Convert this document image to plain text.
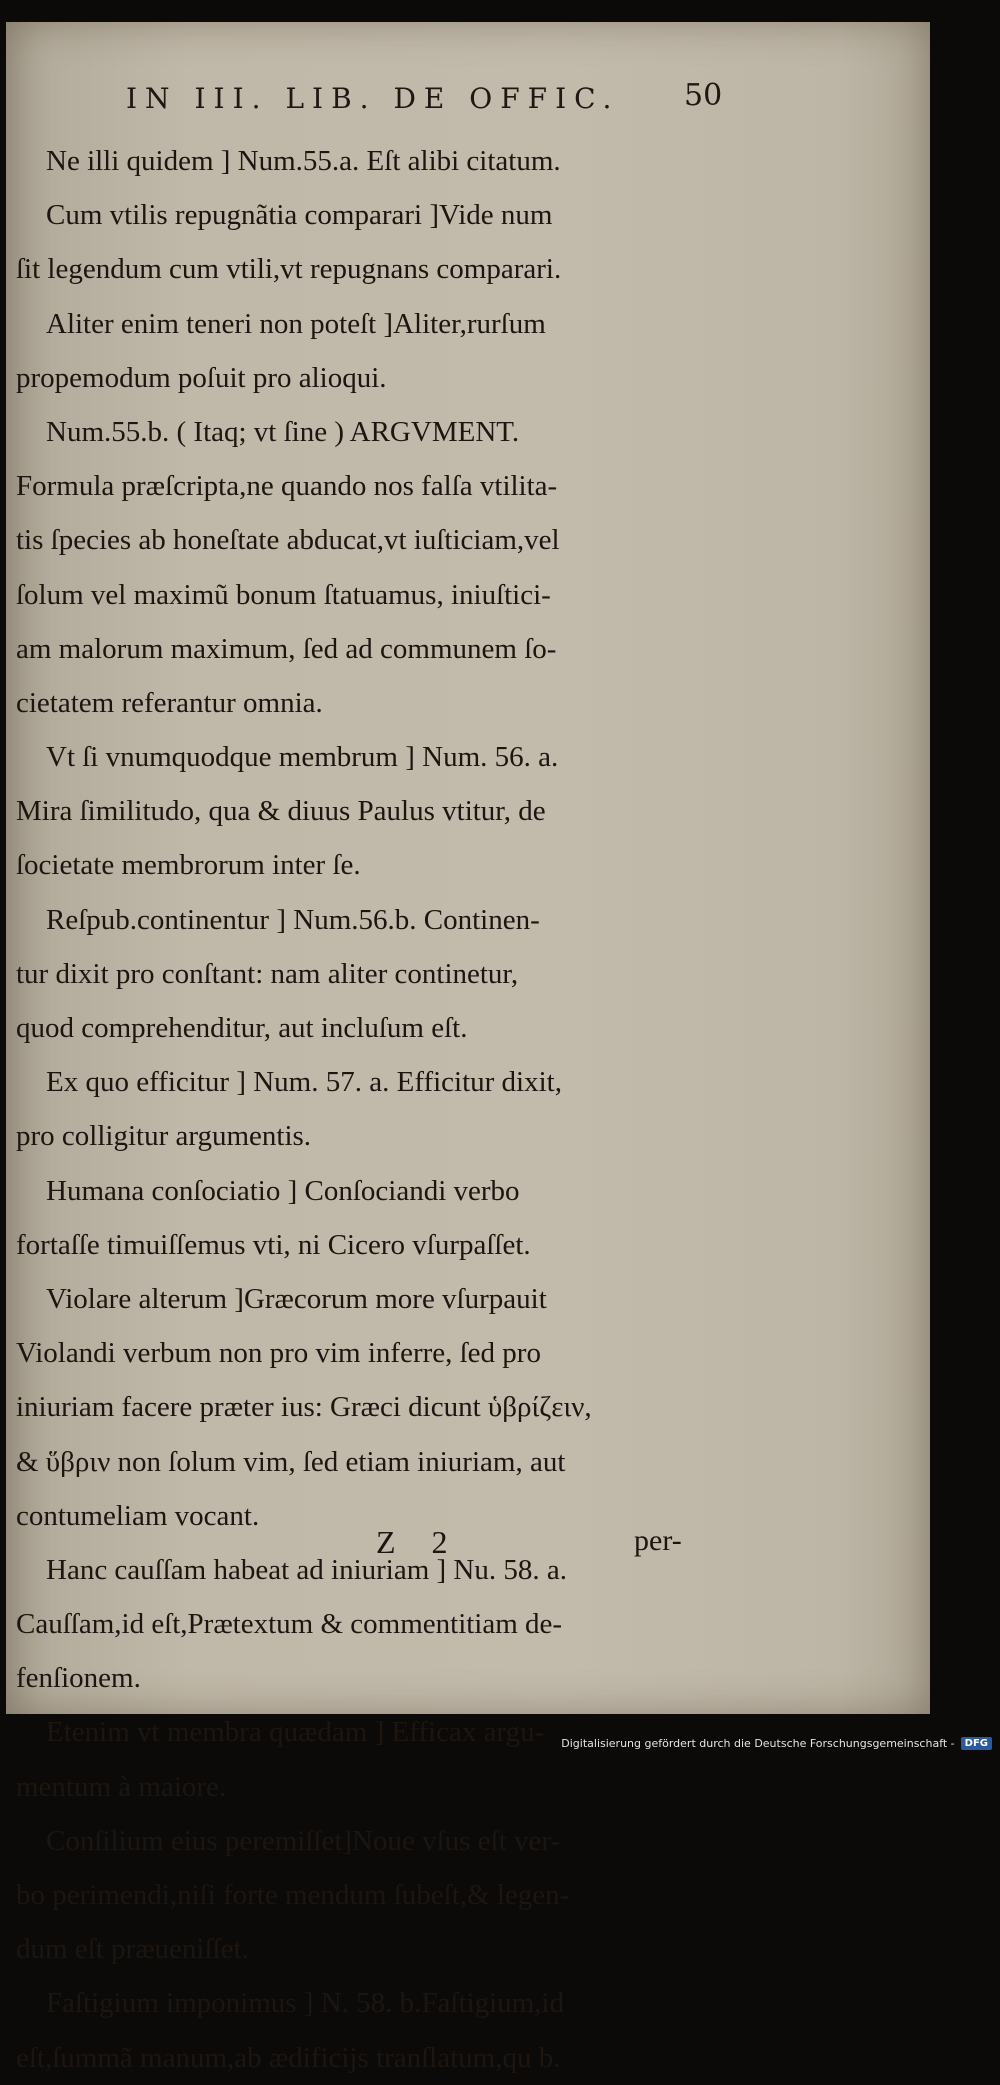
IN III. LIB. DE OFFIC.	50
Ne illi quidem ] Num.55.a. Eſt alibi citatum.
Cum vtilis repugnãtia comparari ]Vide num
ſit legendum cum vtili,vt repugnans comparari.
Aliter enim teneri non poteſt ]Aliter,rurſum
propemodum poſuit pro alioqui.
Num.55.b. ( Itaq; vt ſine ) ARGVMENT.
Formula præſcripta,ne quando nos falſa vtilita-
tis ſpecies ab honeſtate abducat,vt iuſticiam,vel
ſolum vel maximũ bonum ſtatuamus, iniuſtici-
am malorum maximum, ſed ad communem ſo-
cietatem referantur omnia.
Vt ſi vnumquodque membrum ] Num. 56. a.
Mira ſimilitudo, qua & diuus Paulus vtitur, de
ſocietate membrorum inter ſe.
Reſpub.continentur ] Num.56.b. Continen-
tur dixit pro conſtant: nam aliter continetur,
quod comprehenditur, aut incluſum eſt.
Ex quo efficitur ] Num. 57. a. Efficitur dixit,
pro colligitur argumentis.
Humana conſociatio ] Conſociandi verbo
fortaſſe timuiſſemus vti, ni Cicero vſurpaſſet.
Violare alterum ]Græcorum more vſurpauit
Violandi verbum non pro vim inferre, ſed pro
iniuriam facere præter ius: Græci dicunt ὑβρίζειν,
& ὕβριν non ſolum vim, ſed etiam iniuriam, aut
contumeliam vocant.
Hanc cauſſam habeat ad iniuriam ] Nu. 58. a.
Cauſſam,id eſt,Prætextum & commentitiam de-
fenſionem.
Etenim vt membra quædam ] Efficax argu-
mentum à maiore.
Conſilium eius peremiſſet]Noue vſus eſt ver-
bo perimendi,niſi forte mendum ſubeſt,& legen-
dum eſt præueniſſet.
Faſtigium imponimus ] N. 58. b.Faſtigium,id
eſt,ſummã manum,ab ædificijs tranſlatum,qu b.
Z 2	per-
Digitalisierung gefördert durch die Deutsche Forschungsgemeinschaft -	DFG
